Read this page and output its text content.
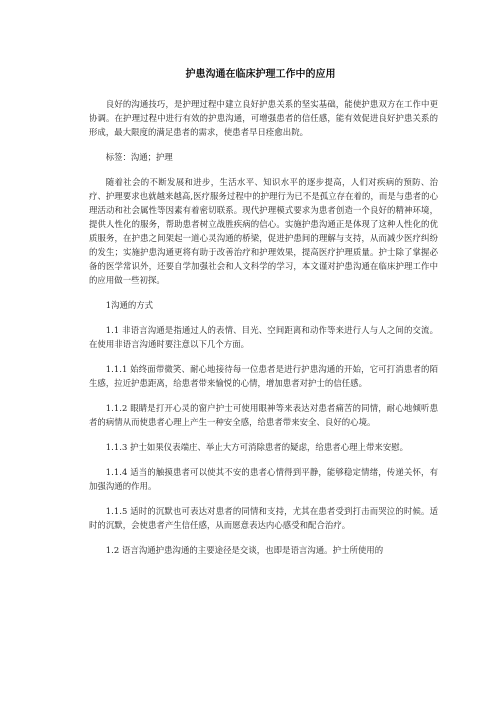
护患沟通在临床护理工作中的应用

良好的沟通技巧，是护理过程中建立良好护患关系的坚实基础，能使护患双方在工作中更协调。在护理过程中进行有效的护患沟通，可增强患者的信任感，能有效促进良好护患关系的形成，最大限度的满足患者的需求，使患者早日痊愈出院。

标签：沟通；护理

随着社会的不断发展和进步，生活水平、知识水平的逐步提高，人们对疾病的预防、治疗、护理要求也就越来越高,医疗服务过程中的护理行为已不是孤立存在着的，而是与患者的心理活动和社会属性等因素有着密切联系。现代护理模式要求为患者创造一个良好的精神环境，提供人性化的服务，帮助患者树立战胜疾病的信心。实施护患沟通正是体现了这种人性化的优质服务，在护患之间架起一道心灵沟通的桥梁，促进护患间的理解与支持，从而减少医疗纠纷的发生；实施护患沟通更将有助于改善治疗和护理效果，提高医疗护理质量。护士除了掌握必备的医学常识外，还要自学加强社会和人文科学的学习，本文谨对护患沟通在临床护理工作中的应用做一些初探。

1沟通的方式

1.1 非语言沟通是指通过人的表情、目光、空间距离和动作等来进行人与人之间的交流。在使用非语言沟通时要注意以下几个方面。

1.1.1 始终面带微笑、耐心地接待每一位患者是进行护患沟通的开始，它可打消患者的陌生感，拉近护患距离，给患者带来愉悦的心情，增加患者对护士的信任感。

1.1.2 眼睛是打开心灵的窗户护士可使用眼神等来表达对患者痛苦的同情，耐心地倾听患者的病情从而使患者心理上产生一种安全感，给患者带来安全、良好的心境。

1.1.3 护士如果仪表端庄、举止大方可消除患者的疑虑，给患者心理上带来安慰。

1.1.4 适当的触摸患者可以使其不安的患者心情得到平静，能够稳定情绪，传递关怀，有加强沟通的作用。

1.1.5 适时的沉默也可表达对患者的同情和支持，尤其在患者受到打击而哭泣的时候。适时的沉默，会使患者产生信任感，从而愿意表达内心感受和配合治疗。

1.2 语言沟通护患沟通的主要途径是交谈，也即是语言沟通。护士所使用的
